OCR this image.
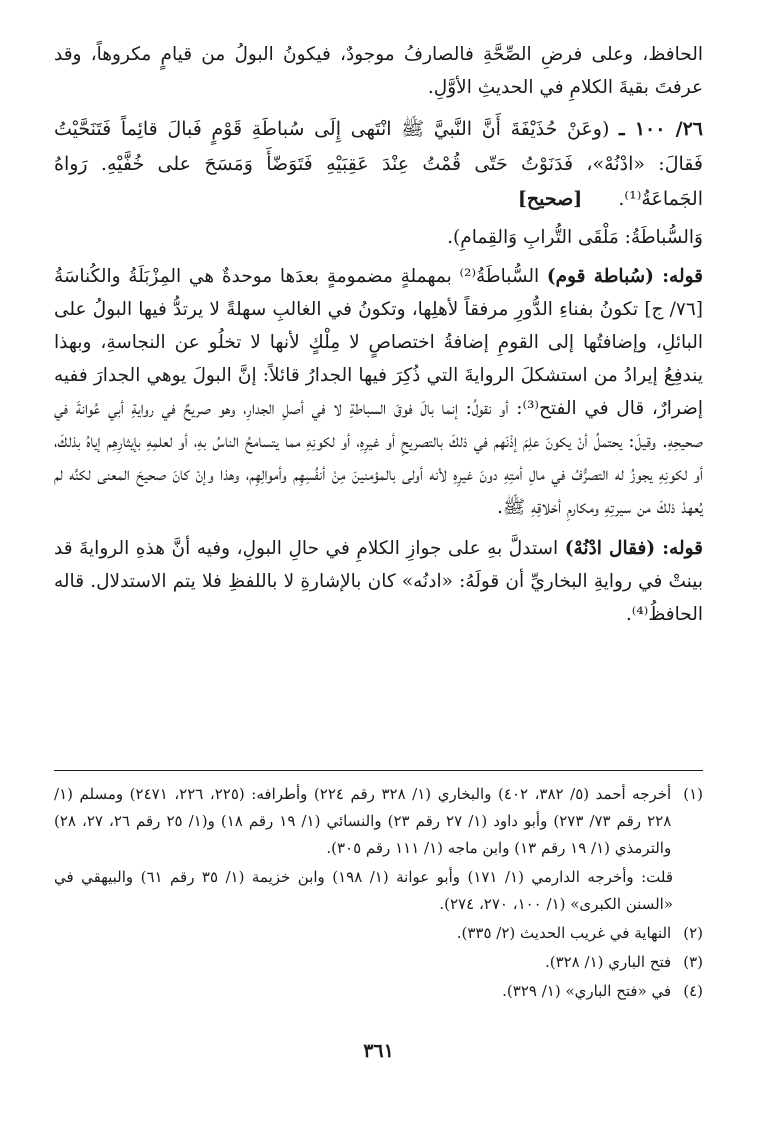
الحافظ، وعلى فرضِ الصِّحَّةِ فالصارفُ موجودٌ، فيكونُ البولُ من قيامٍ مكروهاً، وقد عرفتَ بقيةَ الكلامِ في الحديثِ الأوَّلِ.

٢٦/ ١٠٠ ـ (وعَنْ حُذَيْفَةَ أَنَّ النَّبيَّ ﷺ انْتَهى إِلَى سُباطَةِ قَوْمٍ فَبالَ قائِماً فَتَنَحَّيْتُ فَقالَ: «ادْنُهْ»، فَدَنَوْتُ حَتّى قُمْتُ عِنْدَ عَقِبَيْهِ فَتَوَضّأَ وَمَسَحَ على خُفَّيْهِ. رَواهُ الجَماعَةُ⁽¹⁾. [صحيح]

وَالسُّباطَةُ: مَلْقَى التُّرابِ وَالقِمامِ).

قوله: (سُباطة قوم) السُّباطَةُ⁽²⁾ بمهملةٍ مضمومةٍ بعدَها موحدةٌ هي المِزْبَلَةُ والكُناسَةُ [٧٦/ ج] تكونُ بفناءِ الدُّورِ مرفقاً لأهلِها، وتكونُ في الغالبِ سهلةً لا يرتدُّ فيها البولُ على البائلِ، وإضافتُها إلى القومِ إضافةُ اختصاصٍ لا مِلْكٍ لأنها لا تخلُو عن النجاسةِ، وبهذا يندفِعُ إيرادُ من استشكلَ الروايةَ التي ذُكِرَ فيها الجدارُ قائلاً: إنَّ البولَ يوهي الجدارَ ففيه إضرارٌ، قال في الفتح⁽³⁾: أو نقولُ: إنما بالَ فوقَ السباطةِ لا في أصلِ الجدارِ، وهو صريحٌ في روايةِ أبي عُوانةَ في صحيحِهِ. وقيلَ: يحتملُ أنْ يكونَ علِمَ إذْنَهم في ذلكَ بالتصريحِ أو غيرِهِ، أو لكونِهِ مما يتسامحُ الناسُ بهِ، أو لعلمِهِ بإيثارِهِم إياهُ بذلكَ، أو لكونِهِ يجوزُ له التصرُّفُ في مالِ أمتِهِ دونَ غيرِهِ لأنه أولى بالمؤمنينَ مِنْ أنفُسِهِم وأموالِهِم، وهذا وإنْ كانَ صحيحَ المعنى لكنَّه لم يُعهدْ ذلكَ من سيرتِهِ ومكارمِ أخلاقِهِ ﷺ.

قوله: (فقال ادْنُهْ) استدلَّ بهِ على جوازِ الكلامِ في حالِ البولِ، وفيه أنَّ هذهِ الروايةَ قد بينتْ في روايةِ البخاريِّ أن قولَهُ: «ادنُه» كان بالإشارةِ لا باللفظِ فلا يتم الاستدلال. قاله الحافظُ⁽⁴⁾.

(١)
أخرجه أحمد (٥/ ٣٨٢، ٤٠٢) والبخاري (١/ ٣٢٨ رقم ٢٢٤) وأطرافه: (٢٢٥، ٢٢٦، ٢٤٧١) ومسلم (١/ ٢٢٨ رقم ٧٣/ ٢٧٣) وأبو داود (١/ ٢٧ رقم ٢٣) والنسائي (١/ ١٩ رقم ١٨) و(١/ ٢٥ رقم ٢٦، ٢٧، ٢٨) والترمذي (١/ ١٩ رقم ١٣) وابن ماجه (١/ ١١١ رقم ٣٠٥).
قلت: وأخرجه الدارمي (١/ ١٧١) وأبو عوانة (١/ ١٩٨) وابن خزيمة (١/ ٣٥ رقم ٦١) والبيهقي في «السنن الكبرى» (١/ ١٠٠، ٢٧٠، ٢٧٤).
(٢)
النهاية في غريب الحديث (٢/ ٣٣٥).
(٣)
فتح الباري (١/ ٣٢٨).
(٤)
في «فتح الباري» (١/ ٣٢٩).
٣٦١
